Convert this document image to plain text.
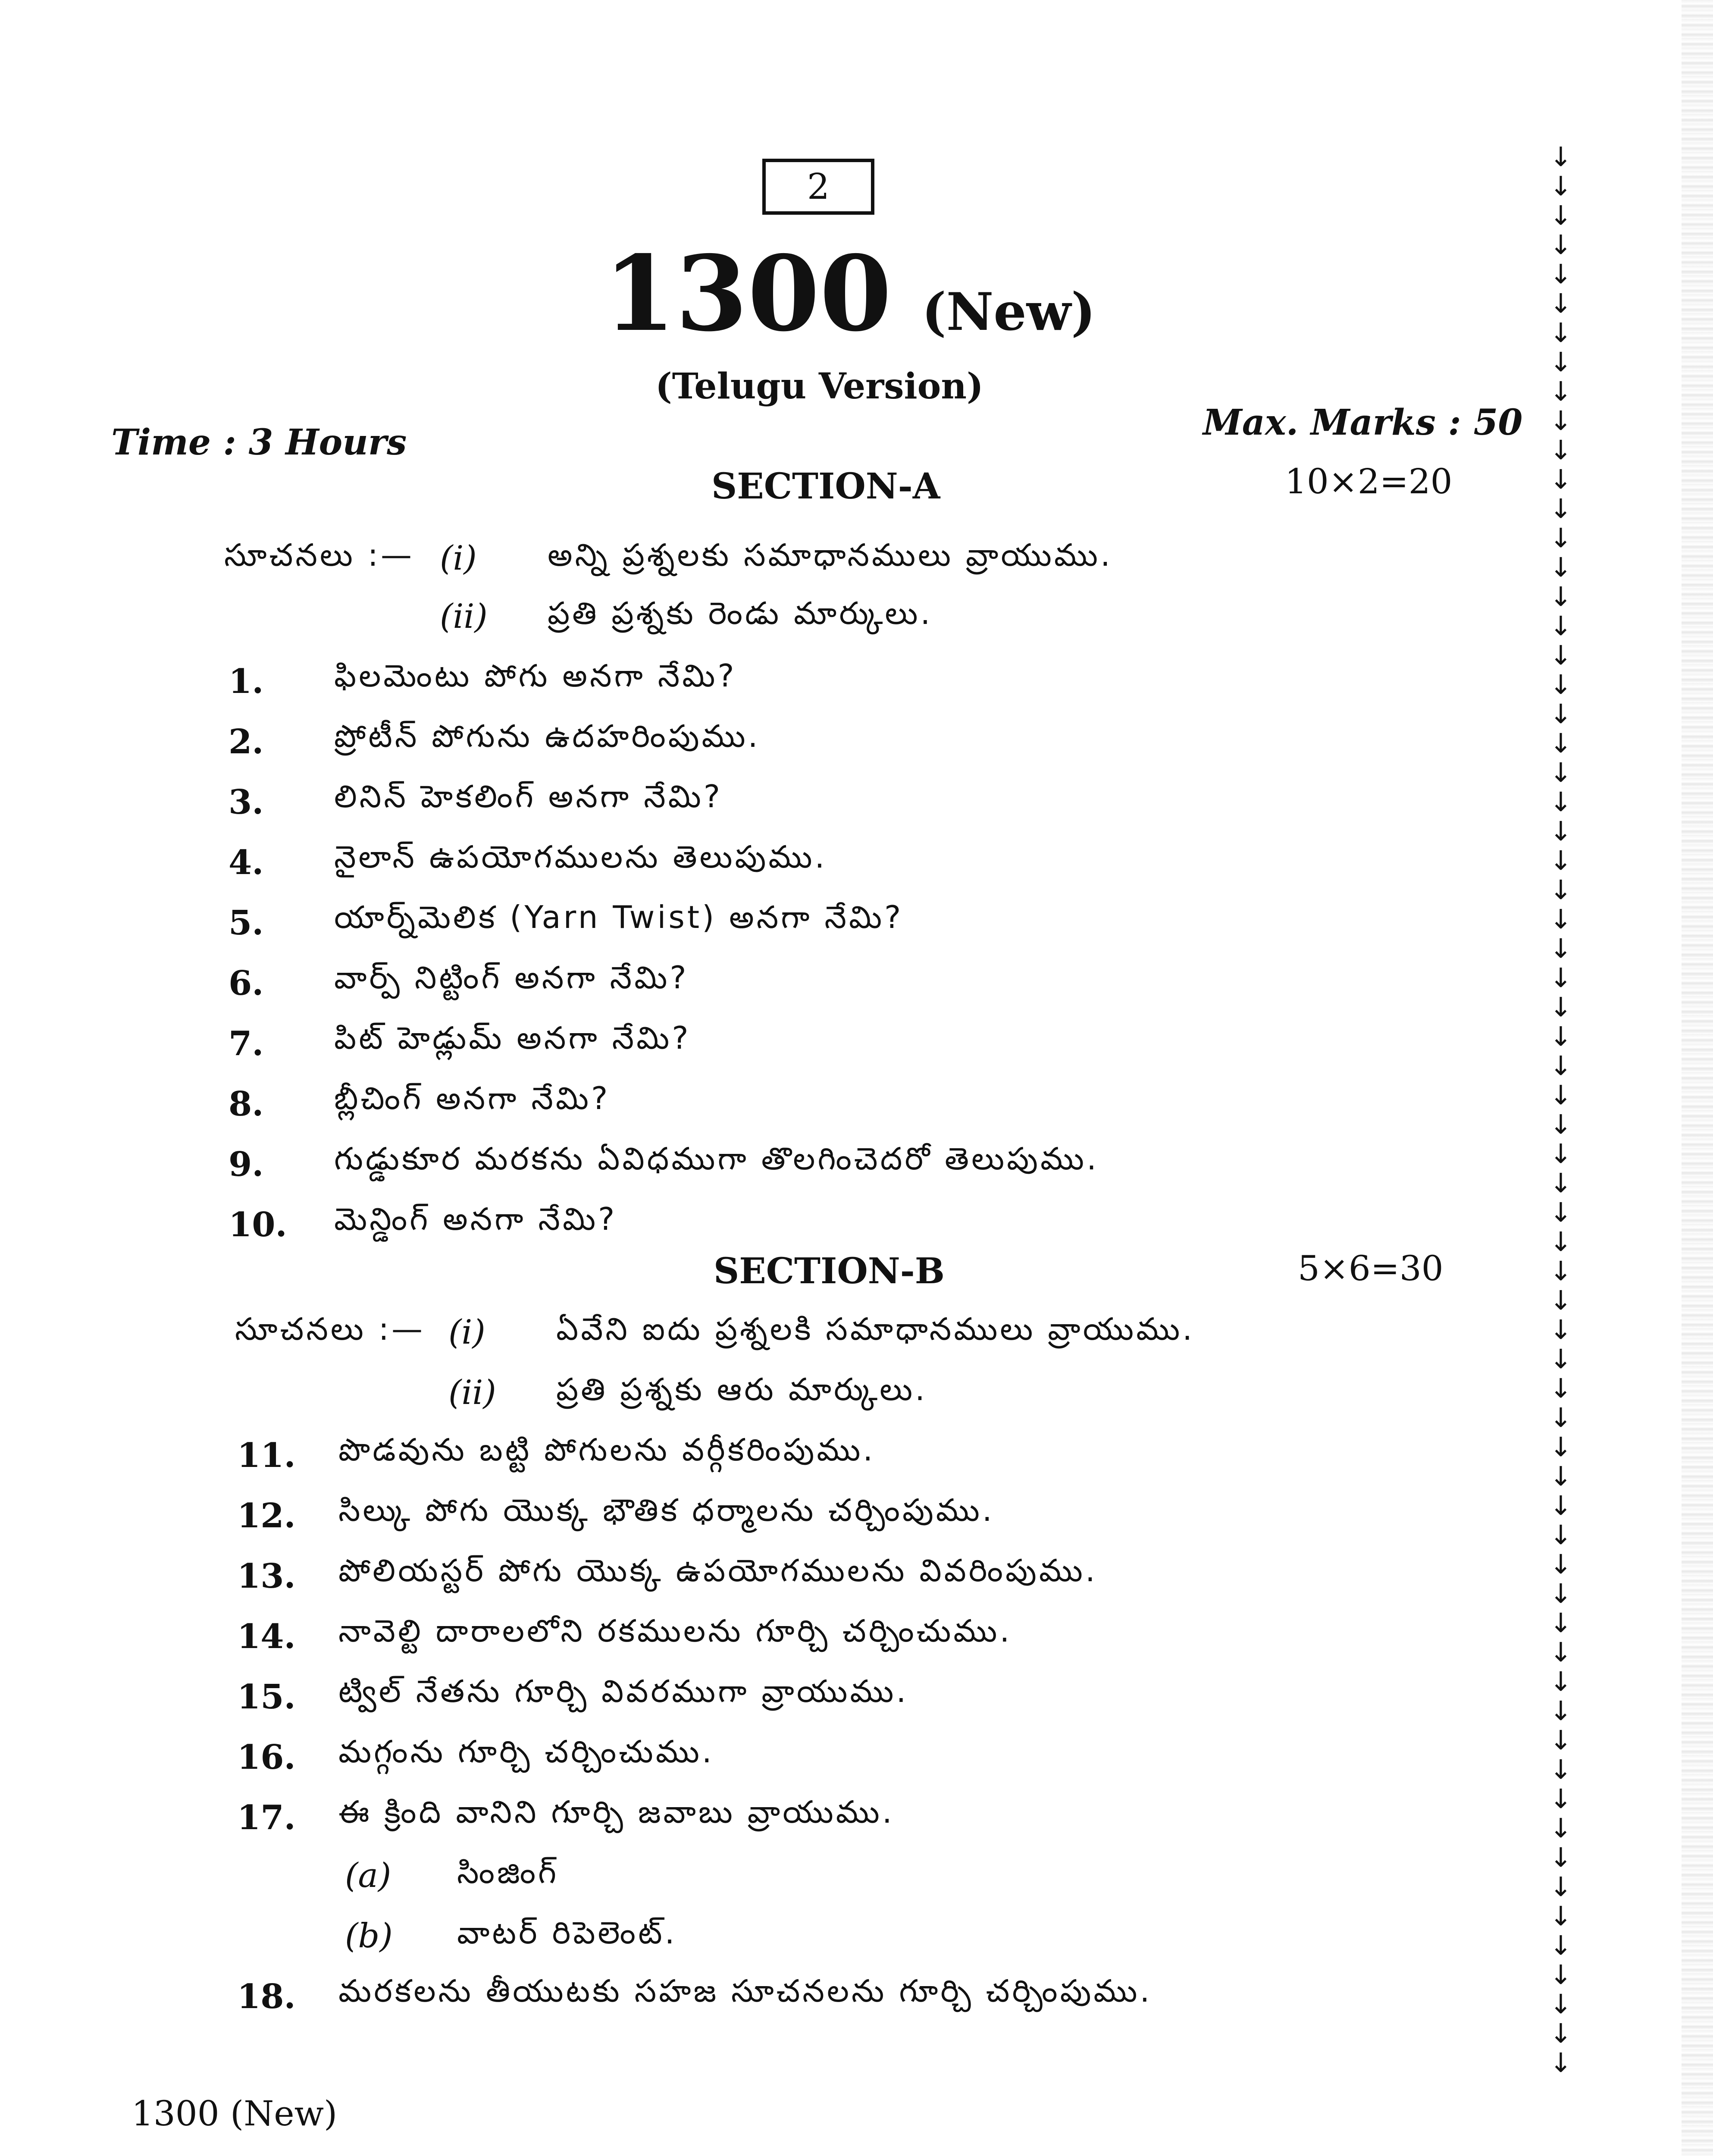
2
1300 (New)
(Telugu Version)
Time : 3 Hours	Max. Marks : 50
SECTION-A	10×2=20
సూచనలు :— (i) అన్ని ప్రశ్నలకు సమాధానములు వ్రాయుము.
(ii) ప్రతి ప్రశ్నకు రెండు మార్కులు.
1. ఫిలమెంటు పోగు అనగా నేమి?
2. ప్రోటీన్ పోగును ఉదహరింపుము.
3. లినిన్ హెకలింగ్ అనగా నేమి?
4. నైలాన్ ఉపయోగములను తెలుపుము.
5. యార్న్‌మెలిక (Yarn Twist) అనగా నేమి?
6. వార్ప్ నిట్టింగ్ అనగా నేమి?
7. పిట్ హెడ్లుమ్ అనగా నేమి?
8. బ్లీచింగ్ అనగా నేమి?
9. గుడ్డుకూర మరకను ఏవిధముగా తొలగించెదరో తెలుపుము.
10. మెన్డింగ్ అనగా నేమి?
SECTION-B	5×6=30
సూచనలు :— (i) ఏవేని ఐదు ప్రశ్నలకి సమాధానములు వ్రాయుము.
(ii) ప్రతి ప్రశ్నకు ఆరు మార్కులు.
11. పొడవును బట్టి పోగులను వర్గీకరింపుము.
12. సిల్కు పోగు యొక్క భౌతిక ధర్మాలను చర్చింపుము.
13. పోలియస్టర్ పోగు యొక్క ఉపయోగములను వివరింపుము.
14. నావెల్టి దారాలలోని రకములను గూర్చి చర్చించుము.
15. ట్విల్ నేతను గూర్చి వివరముగా వ్రాయుము.
16. మగ్గంను గూర్చి చర్చించుము.
17. ఈ క్రింది వానిని గూర్చి జవాబు వ్రాయుము.
(a) సింజింగ్
(b) వాటర్ రిపెలెంట్.
18. మరకలను తీయుటకు సహజ సూచనలను గూర్చి చర్చింపుము.
1300 (New)
↓
↓
↓
↓
↓
↓
↓
↓
↓
↓
↓
↓
↓
↓
↓
↓
↓
↓
↓
↓
↓
↓
↓
↓
↓
↓
↓
↓
↓
↓
↓
↓
↓
↓
↓
↓
↓
↓
↓
↓
↓
↓
↓
↓
↓
↓
↓
↓
↓
↓
↓
↓
↓
↓
↓
↓
↓
↓
↓
↓
↓
↓
↓
↓
↓
↓
